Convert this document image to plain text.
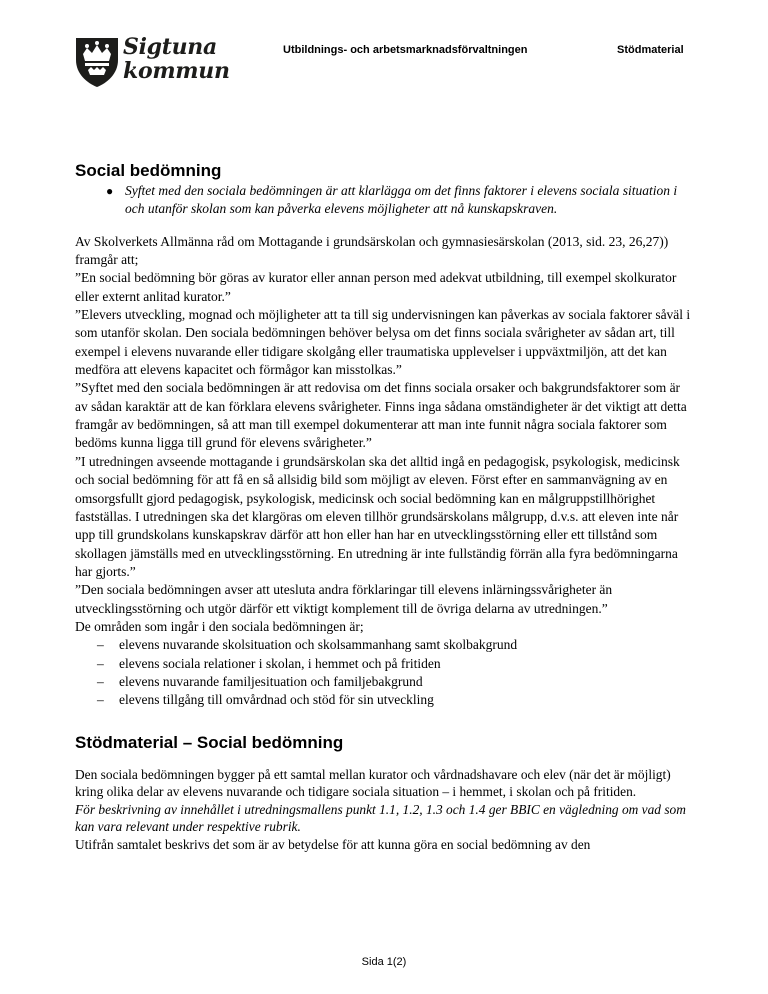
Sigtuna
kommun
Utbildnings- och arbetsmarknadsförvaltningen	Stödmaterial
Social bedömning
● Syftet med den sociala bedömningen är att klarlägga om det finns faktorer i elevens sociala situation i och utanför skolan som kan påverka elevens möjligheter att nå kunskapskraven.

Av Skolverkets Allmänna råd om Mottagande i grundsärskolan och gymnasiesärskolan (2013, sid. 23, 26,27)) framgår att;

”En social bedömning bör göras av kurator eller annan person med adekvat utbildning, till exempel skolkurator eller externt anlitad kurator.”

”Elevers utveckling, mognad och möjligheter att ta till sig undervisningen kan påverkas av sociala faktorer såväl i som utanför skolan. Den sociala bedömningen behöver belysa om det finns sociala svårigheter av sådan art, till exempel i elevens nuvarande eller tidigare skolgång eller traumatiska upplevelser i uppväxtmiljön, att det kan medföra att elevens kapacitet och förmågor kan misstolkas.”

”Syftet med den sociala bedömningen är att redovisa om det finns sociala orsaker och bakgrundsfaktorer som är av sådan karaktär att de kan förklara elevens svårigheter. Finns inga sådana omständigheter är det viktigt att detta framgår av bedömningen, så att man till exempel dokumenterar att man inte funnit några sociala faktorer som bedöms kunna ligga till grund för elevens svårigheter.”

”I utredningen avseende mottagande i grundsärskolan ska det alltid ingå en pedagogisk, psykologisk, medicinsk och social bedömning för att få en så allsidig bild som möjligt av eleven. Först efter en sammanvägning av en omsorgsfullt gjord pedagogisk, psykologisk, medicinsk och social bedömning kan en målgruppstillhörighet fastställas. I utredningen ska det klargöras om eleven tillhör grundsärskolans målgrupp, d.v.s. att eleven inte når upp till grundskolans kunskapskrav därför att hon eller han har en utvecklingsstörning eller ett tillstånd som skollagen jämställs med en utvecklingsstörning. En utredning är inte fullständig förrän alla fyra bedömningarna har gjorts.”

”Den sociala bedömningen avser att utesluta andra förklaringar till elevens inlärningssvårigheter än utvecklingsstörning och utgör därför ett viktigt komplement till de övriga delarna av utredningen.”

De områden som ingår i den sociala bedömningen är;

–	elevens nuvarande skolsituation och skolsammanhang samt skolbakgrund
–	elevens sociala relationer i skolan, i hemmet och på fritiden
–	elevens nuvarande familjesituation och familjebakgrund
–	elevens tillgång till omvårdnad och stöd för sin utveckling
Stödmaterial – Social bedömning

Den sociala bedömningen bygger på ett samtal mellan kurator och vårdnadshavare och elev (när det är möjligt) kring olika delar av elevens nuvarande och tidigare sociala situation – i hemmet, i skolan och på fritiden.

För beskrivning av innehållet i utredningsmallens punkt 1.1, 1.2, 1.3 och 1.4 ger BBIC en vägledning om vad som kan vara relevant under respektive rubrik.

Utifrån samtalet beskrivs det som är av betydelse för att kunna göra en social bedömning av den

Sida 1(2)
